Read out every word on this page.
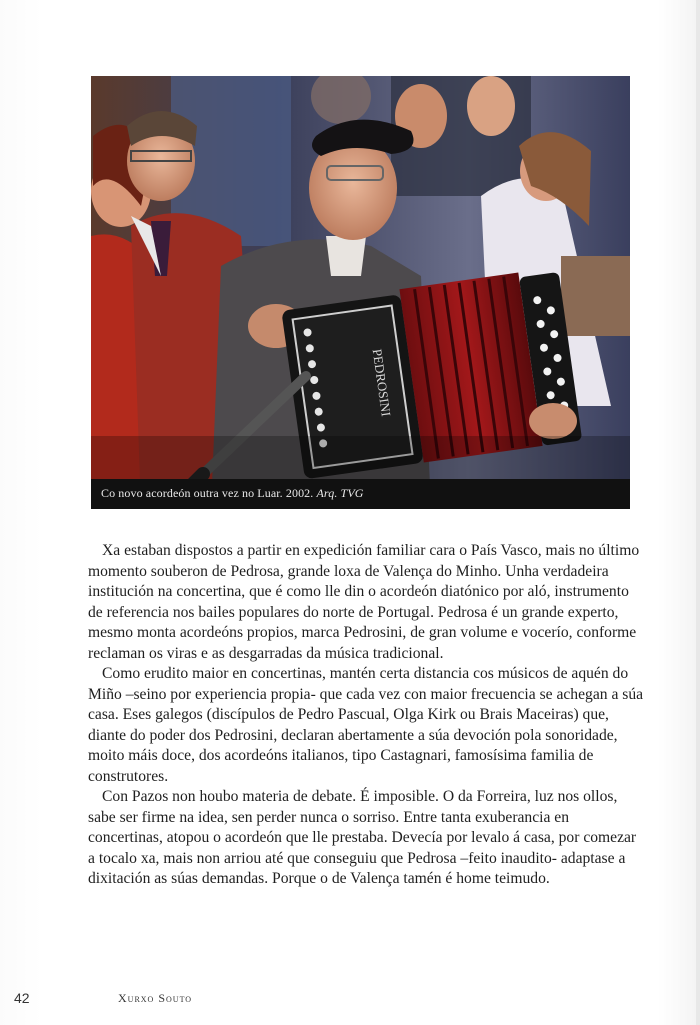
PEDROSINI
Co novo acordeón outra vez no Luar. 2002. Arq. TVG

Xa estaban dispostos a partir en expedición familiar cara o País Vasco, mais no último momento souberon de Pedrosa, grande loxa de Valença do Minho. Unha verdadeira institución na concertina, que é como lle din o acordeón diatónico por aló, instrumento de referencia nos bailes populares do norte de Portugal. Pedrosa é un grande experto, mesmo monta acordeóns propios, marca Pedrosini, de gran volume e vocerío, conforme reclaman os viras e as desgarradas da música tradicional.

Como erudito maior en concertinas, mantén certa distancia cos músicos de aquén do Miño –seino por experiencia propia- que cada vez con maior frecuencia se achegan a súa casa. Eses galegos (discípulos de Pedro Pascual, Olga Kirk ou Brais Maceiras) que, diante do poder dos Pedrosini, declaran abertamente a súa devoción pola sonoridade, moito máis doce, dos acordeóns italianos, tipo Castagnari, famosísima familia de construtores.

Con Pazos non houbo materia de debate. É imposible. O da Forreira, luz nos ollos, sabe ser firme na idea, sen perder nunca o sorriso. Entre tanta exuberancia en concertinas, atopou o acordeón que lle prestaba. Devecía por levalo á casa, por comezar a tocalo xa, mais non arriou até que conseguiu que Pedrosa –feito inaudito- adaptase a dixitación as súas demandas. Porque o de Valença tamén é home teimudo.

42	Xurxo Souto
